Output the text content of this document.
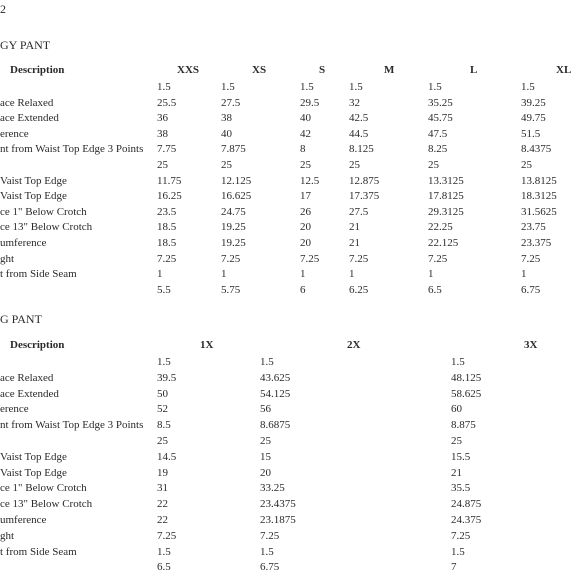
2
GY PANT
Description	XXS	XS	S	M	L	XL
1.5	1.5	1.5	1.5	1.5	1.5
ace Relaxed	25.5	27.5	29.5	32	35.25	39.25
ace Extended	36	38	40	42.5	45.75	49.75
erence	38	40	42	44.5	47.5	51.5
nt from Waist Top Edge 3 Points 7.75	7.875	8	8.125	8.25	8.4375
25	25	25	25	25	25
Vaist Top Edge	11.75	12.125	12.5	12.875	13.3125	13.8125
Vaist Top Edge	16.25	16.625	17	17.375	17.8125	18.3125
ce 1" Below Crotch	23.5	24.75	26	27.5	29.3125	31.5625
ce 13" Below Crotch	18.5	19.25	20	21	22.25	23.75
umference	18.5	19.25	20	21	22.125	23.375
ght	7.25	7.25	7.25	7.25	7.25	7.25
t from Side Seam	1	1	1	1	1	1
5.5	5.75	6	6.25	6.5	6.75
G PANT
Description	1X	2X	3X
1.5	1.5	1.5
ace Relaxed	39.5	43.625	48.125
ace Extended	50	54.125	58.625
erence	52	56	60
nt from Waist Top Edge 3 Points 8.5	8.6875	8.875
25	25	25
Vaist Top Edge	14.5	15	15.5
Vaist Top Edge	19	20	21
ce 1" Below Crotch	31	33.25	35.5
ce 13" Below Crotch	22	23.4375	24.875
umference	22	23.1875	24.375
ght	7.25	7.25	7.25
t from Side Seam	1.5	1.5	1.5
6.5	6.75	7
